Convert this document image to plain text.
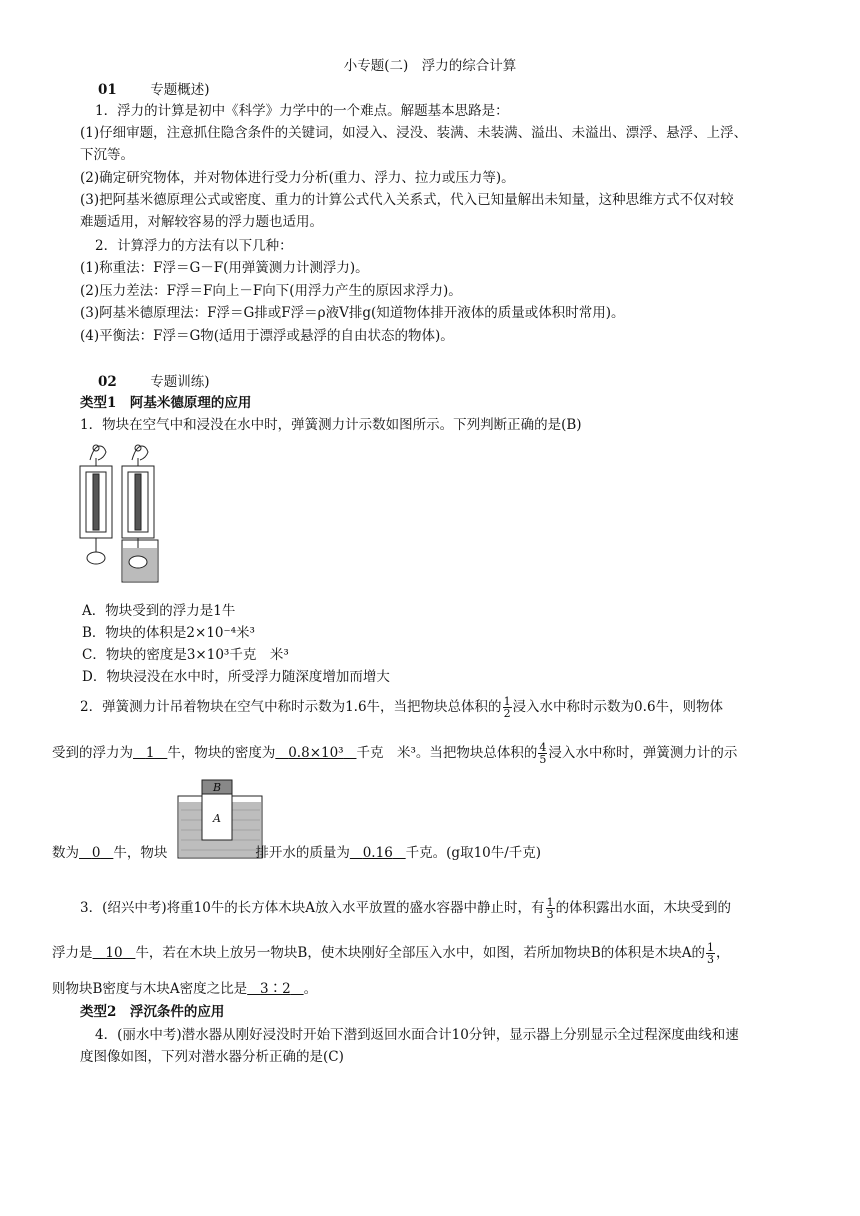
小专题(二)　浮力的综合计算
01 专题概述)
1．浮力的计算是初中《科学》力学中的一个难点。解题基本思路是：
(1)仔细审题，注意抓住隐含条件的关键词，如浸入、浸没、装满、未装满、溢出、未溢出、漂浮、悬浮、上浮、
下沉等。
(2)确定研究物体，并对物体进行受力分析(重力、浮力、拉力或压力等)。
(3)把阿基米德原理公式或密度、重力的计算公式代入关系式，代入已知量解出未知量，这种思维方式不仅对较
难题适用，对解较容易的浮力题也适用。
2．计算浮力的方法有以下几种：
(1)称重法：F浮＝G－F(用弹簧测力计测浮力)。
(2)压力差法：F浮＝F向上－F向下(用浮力产生的原因求浮力)。
(3)阿基米德原理法：F浮＝G排或F浮＝ρ液V排g(知道物体排开液体的质量或体积时常用)。
(4)平衡法：F浮＝G物(适用于漂浮或悬浮的自由状态的物体)。
02 专题训练)
类型1　阿基米德原理的应用
1．物块在空气中和浸没在水中时，弹簧测力计示数如图所示。下列判断正确的是(B)
A．物块受到的浮力是1牛
B．物块的体积是2×10⁻⁴米³
C．物块的密度是3×10³千克　米³
D．物块浸没在水中时，所受浮力随深度增加而增大
2．弹簧测力计吊着物块在空气中称时示数为1.6牛，当把物块总体积的 $\frac{1}{2}$ 浸入水中称时示数为0.6牛，则物体
受到的浮力为 1 牛，物块的密度为 0.8×10³ 千克　米³。当把物块总体积的 $\frac{4}{5}$ 浸入水中称时，弹簧测力计的示
B
A
数为 0 牛，物块	排开水的质量为 0.16 千克。(g取10牛/千克)
3．(绍兴中考)将重10牛的长方体木块A放入水平放置的盛水容器中静止时，有 $\frac{1}{3}$ 的体积露出水面，木块受到的
浮力是 10 牛，若在木块上放另一物块B，使木块刚好全部压入水中，如图，若所加物块B的体积是木块A的 $\frac{1}{3}$ ，
则物块B密度与木块A密度之比是 3∶2 。
类型2　浮沉条件的应用
4．(丽水中考)潜水器从刚好浸没时开始下潜到返回水面合计10分钟，显示器上分别显示全过程深度曲线和速
度图像如图，下列对潜水器分析正确的是(C)
